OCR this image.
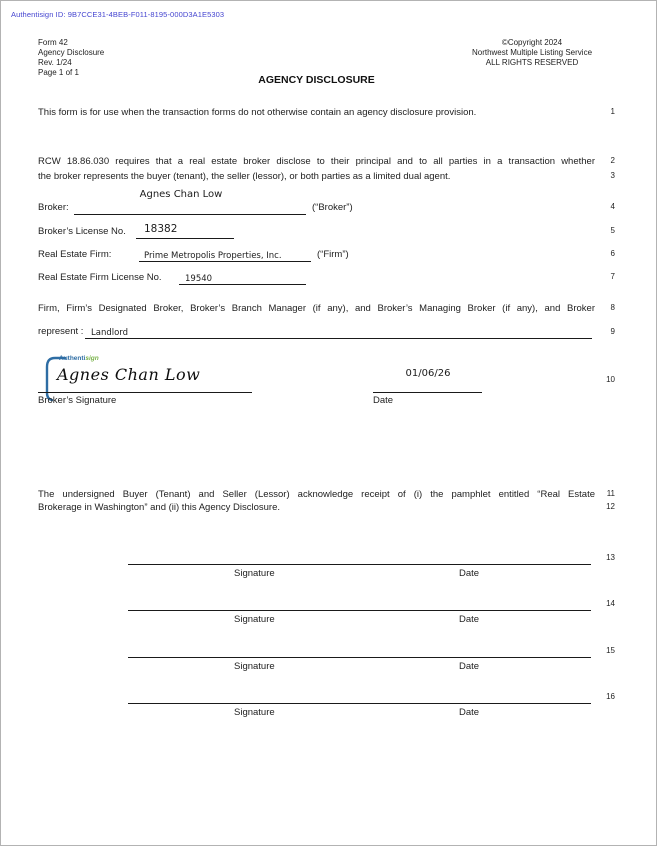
Authentisign ID: 9B7CCE31-4BEB-F011-8195-000D3A1E5303
Form 42
Agency Disclosure
Rev. 1/24
Page 1 of 1
©Copyright 2024
Northwest Multiple Listing Service
ALL RIGHTS RESERVED
AGENCY DISCLOSURE
This form is for use when the transaction forms do not otherwise contain an agency disclosure provision.
RCW 18.86.030 requires that a real estate broker disclose to their principal and to all parties in a transaction whether
the broker represents the buyer (tenant), the seller (lessor), or both parties as a limited dual agent.
Broker:
Agnes Chan Low
(“Broker”)
Broker’s License No. 18382
Real Estate Firm:	Prime Metropolis Properties, Inc.	(“Firm”)
Real Estate Firm License No.	19540
Firm, Firm’s Designated Broker, Broker’s Branch Manager (if any), and Broker’s Managing Broker (if any), and Broker
represent : Landlord
Authentisign
Agnes Chan Low
Broker’s Signature
01/06/26
Date
The undersigned Buyer (Tenant) and Seller (Lessor) acknowledge receipt of (i) the pamphlet entitled “Real Estate
Brokerage in Washington” and (ii) this Agency Disclosure.
Signature	Date
Signature	Date
Signature	Date
Signature	Date
1
2
3
4
5
6
7
8
9
10
11
12
13
14
15
16
